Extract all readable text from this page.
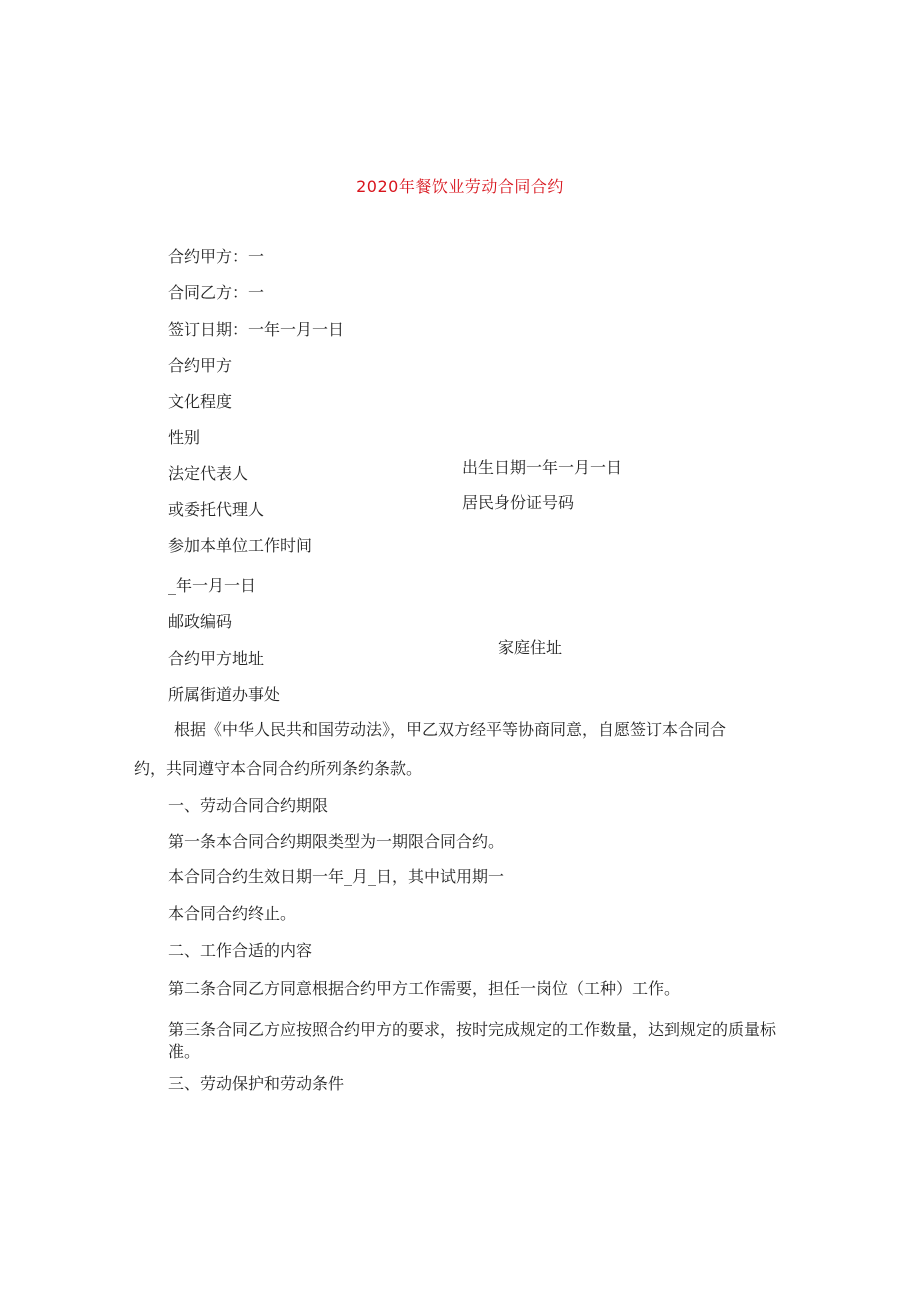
2020年餐饮业劳动合同合约
合约甲方：一
合同乙方：一
签订日期：一年一月一日
合约甲方
文化程度
性别
法定代表人	出生日期一年一月一日
或委托代理人	居民身份证号码
参加本单位工作时间
_年一月一日
邮政编码
家庭住址
合约甲方地址
所属街道办事处
根据《中华人民共和国劳动法》，甲乙双方经平等协商同意，自愿签订本合同合
约，共同遵守本合同合约所列条约条款。
一、劳动合同合约期限
第一条本合同合约期限类型为一期限合同合约。
本合同合约生效日期一年_月_日，其中试用期一
本合同合约终止。
二、工作合适的内容
第二条合同乙方同意根据合约甲方工作需要，担任一岗位（工种）工作。
第三条合同乙方应按照合约甲方的要求，按时完成规定的工作数量，达到规定的质量标准。
三、劳动保护和劳动条件
